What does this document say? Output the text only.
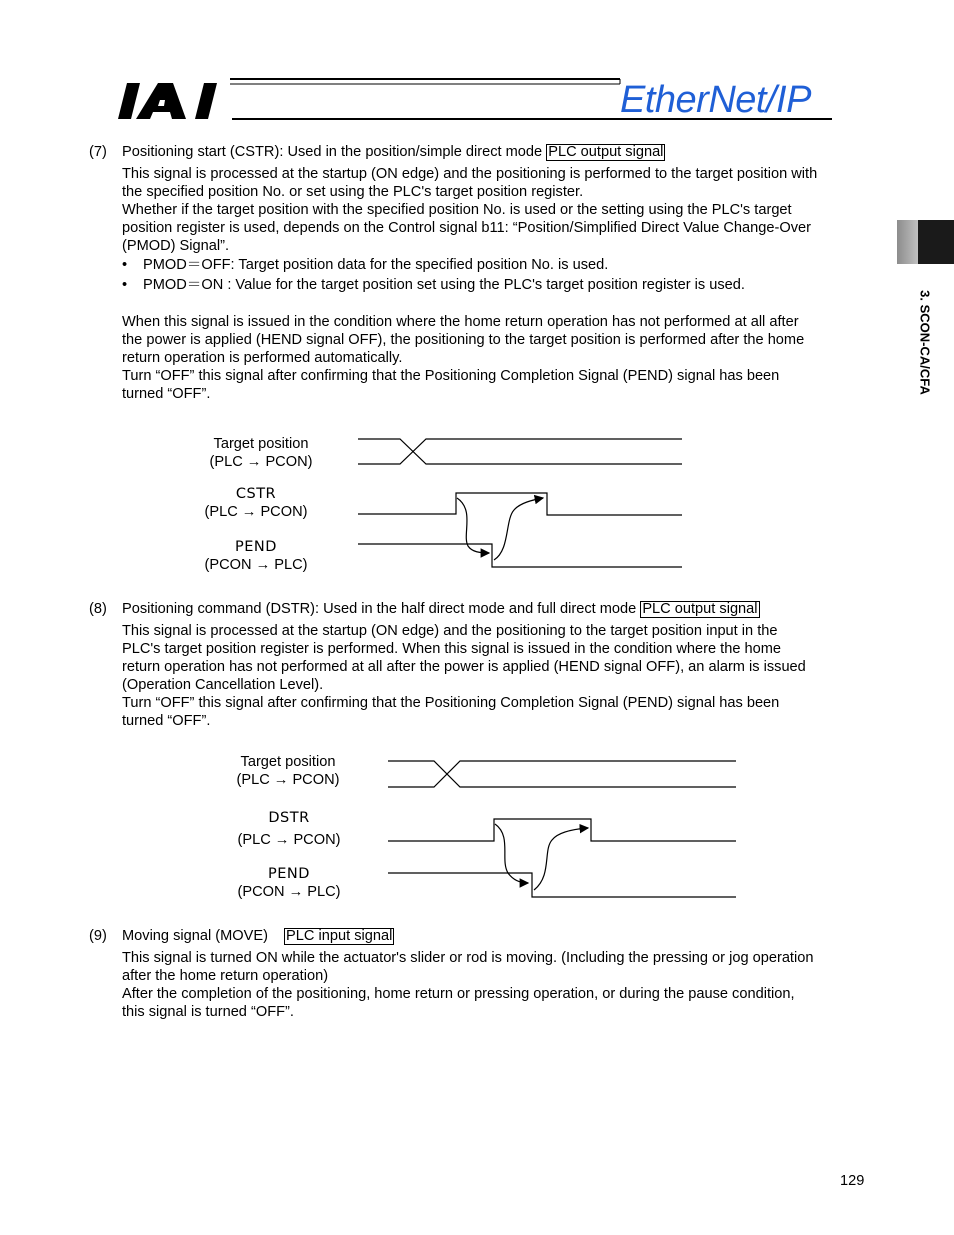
EtherNet/IP
3. SCON-CA/CFA
(7) Positioning start (CSTR): Used in the position/simple direct mode PLC output signal
This signal is processed at the startup (ON edge) and the positioning is performed to the target position with
the specified position No. or set using the PLC's target position register.
Whether if the target position with the specified position No. is used or the setting using the PLC's target
position register is used, depends on the Control signal b11: “Position/Simplified Direct Value Change-Over
(PMOD) Signal”.
• PMOD＝OFF: Target position data for the specified position No. is used.
• PMOD＝ON : Value for the target position set using the PLC's target position register is used.
When this signal is issued in the condition where the home return operation has not performed at all after
the power is applied (HEND signal OFF), the positioning to the target position is performed after the home
return operation is performed automatically.
Turn “OFF” this signal after confirming that the Positioning Completion Signal (PEND) signal has been
turned “OFF”.
Target position
(PLC → PCON)
CSTR
(PLC → PCON)
PEND
(PCON → PLC)
(8) Positioning command (DSTR): Used in the half direct mode and full direct mode PLC output signal
This signal is processed at the startup (ON edge) and the positioning to the target position input in the
PLC's target position register is performed. When this signal is issued in the condition where the home
return operation has not performed at all after the power is applied (HEND signal OFF), an alarm is issued
(Operation Cancellation Level).
Turn “OFF” this signal after confirming that the Positioning Completion Signal (PEND) signal has been
turned “OFF”.
Target position
(PLC → PCON)
DSTR
(PLC → PCON)
PEND
(PCON → PLC)
(9) Moving signal (MOVE) PLC input signal
This signal is turned ON while the actuator's slider or rod is moving. (Including the pressing or jog operation
after the home return operation)
After the completion of the positioning, home return or pressing operation, or during the pause condition,
this signal is turned “OFF”.
129
